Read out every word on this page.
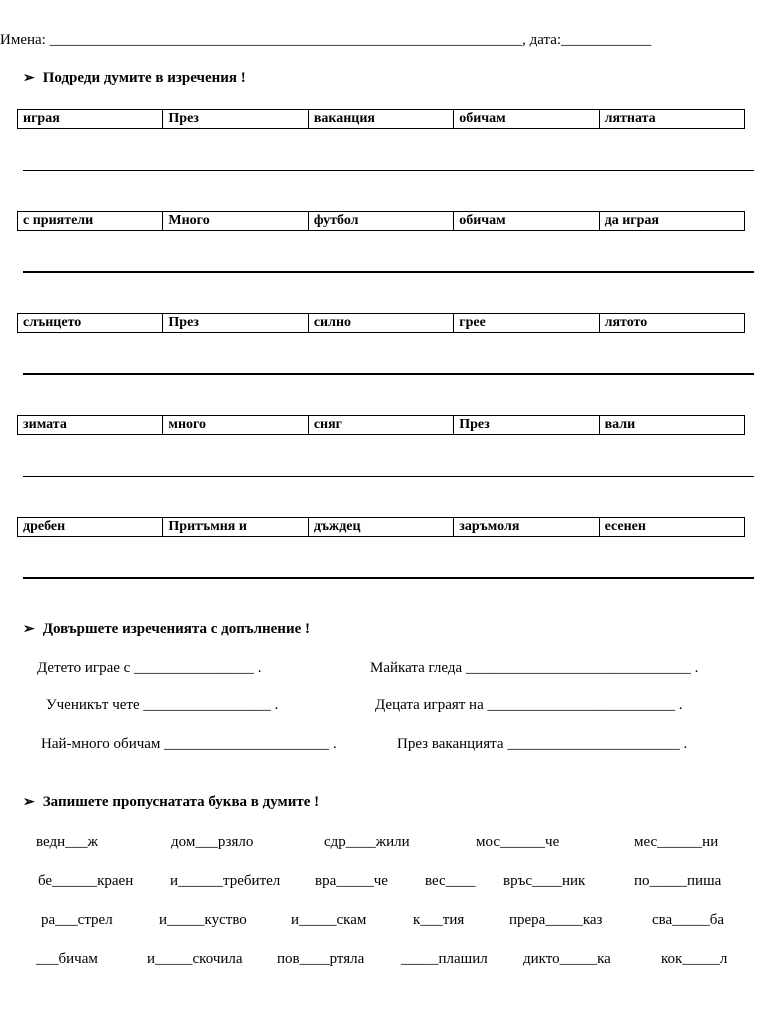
Имена: _______________________________________________________________, дата:____________
➢ Подреди думите в изречения !
играя	През	ваканция	обичам	лятната
с приятели	Много	футбол	обичам	да играя
слънцето	През	силно	грее	лятото
зимата	много	сняг	През	вали
дребен	Притъмня и	дъждец	заръмоля	есенен
➢ Довършете изреченията с допълнение !
Детето играе с ________________ .	Майката гледа ______________________________ .
Ученикът чете _________________ .	Децата играят на _________________________ .
Най-много обичам ______________________ .	През ваканцията _______________________ .
➢ Запишете пропуснатата буква в думите !
ведн___ж	дом___рзяло	сдр____жили	мос______че	мес______ни
бе______краен и______требител вра_____че вес____ връс____ник	по_____пиша
ра___стрел	и_____куство	и_____скам	к___тия	прера_____каз	сва_____ба
___бичам	и_____скочила пов____ртяла _____плашил дикто_____ка	кок_____л
